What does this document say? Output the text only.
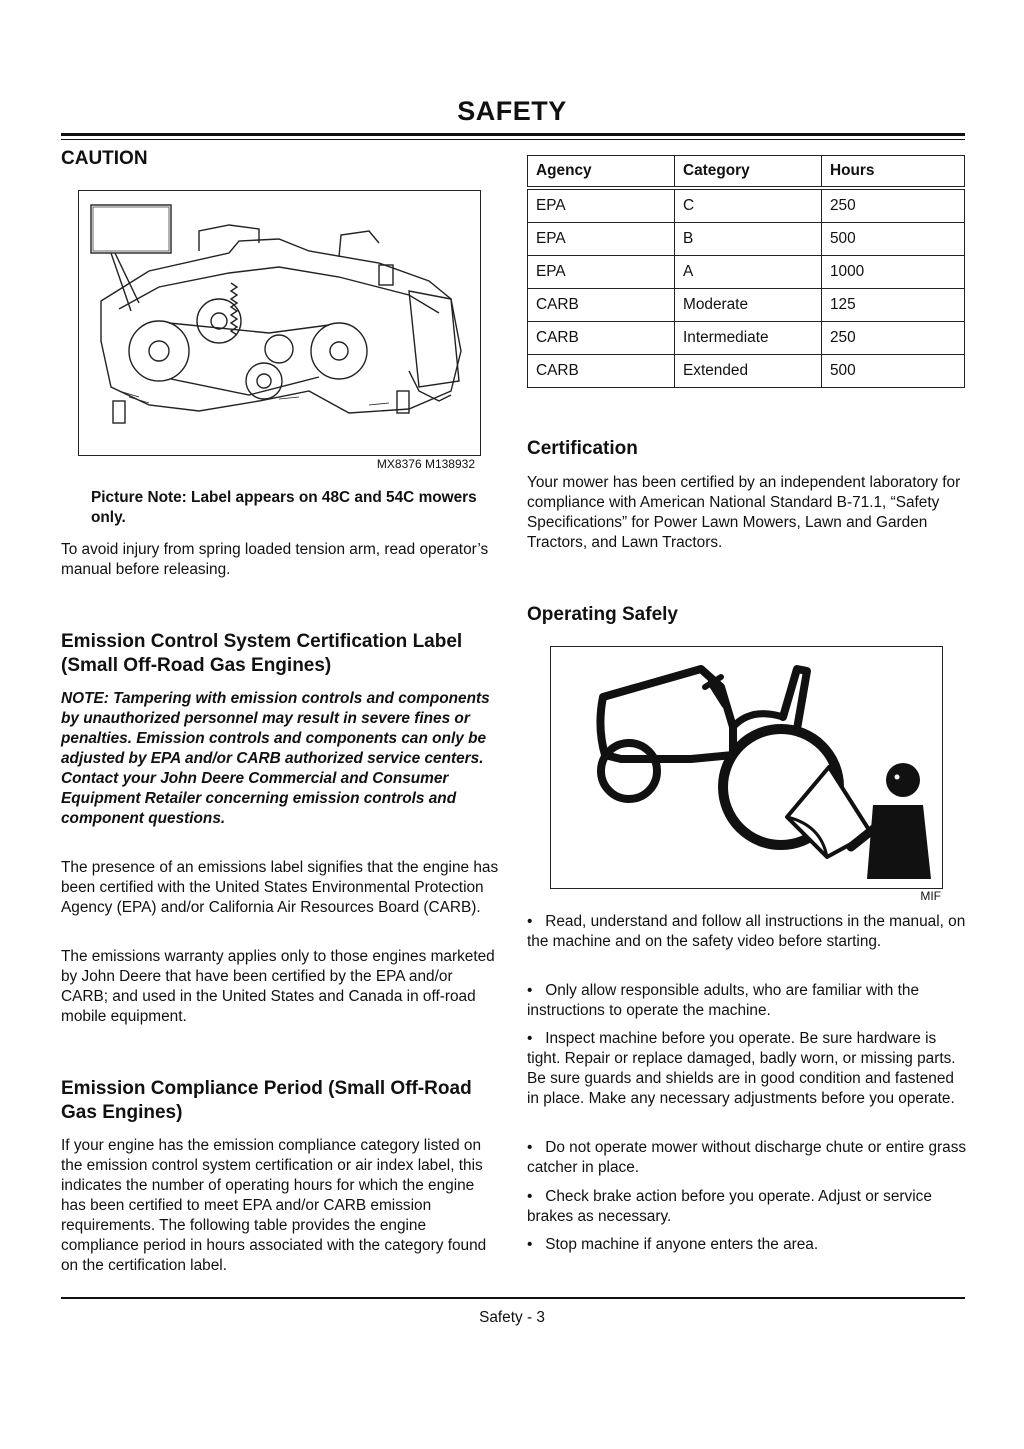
SAFETY
CAUTION
MX8376 M138932
Picture Note: Label appears on 48C and 54C mowers only.
To avoid injury from spring loaded tension arm, read operator’s manual before releasing.
Emission Control System Certification Label (Small Off-Road Gas Engines)
NOTE: Tampering with emission controls and components by unauthorized personnel may result in severe fines or penalties. Emission controls and components can only be adjusted by EPA and/or CARB authorized service centers. Contact your John Deere Commercial and Consumer Equipment Retailer concerning emission controls and component questions.
The presence of an emissions label signifies that the engine has been certified with the United States Environmental Protection Agency (EPA) and/or California Air Resources Board (CARB).
The emissions warranty applies only to those engines marketed by John Deere that have been certified by the EPA and/or CARB; and used in the United States and Canada in off-road mobile equipment.
Emission Compliance Period (Small Off-Road Gas Engines)
If your engine has the emission compliance category listed on the emission control system certification or air index label, this indicates the number of operating hours for which the engine has been certified to meet EPA and/or CARB emission requirements. The following table provides the engine compliance period in hours associated with the category found on the certification label.
Agency	Category	Hours
EPA	C	250
EPA	B	500
EPA	A	1000
CARB	Moderate	125
CARB	Intermediate	250
CARB	Extended	500
Certification
Your mower has been certified by an independent laboratory for compliance with American National Standard B-71.1, “Safety Specifications” for Power Lawn Mowers, Lawn and Garden Tractors, and Lawn Tractors.
Operating Safely
MIF
•   Read, understand and follow all instructions in the manual, on the machine and on the safety video before starting.
•   Only allow responsible adults, who are familiar with the instructions to operate the machine.
•   Inspect machine before you operate. Be sure hardware is tight. Repair or replace damaged, badly worn, or missing parts. Be sure guards and shields are in good condition and fastened in place. Make any necessary adjustments before you operate.
•   Do not operate mower without discharge chute or entire grass catcher in place.
•   Check brake action before you operate. Adjust or service brakes as necessary.
•   Stop machine if anyone enters the area.
Safety - 3
